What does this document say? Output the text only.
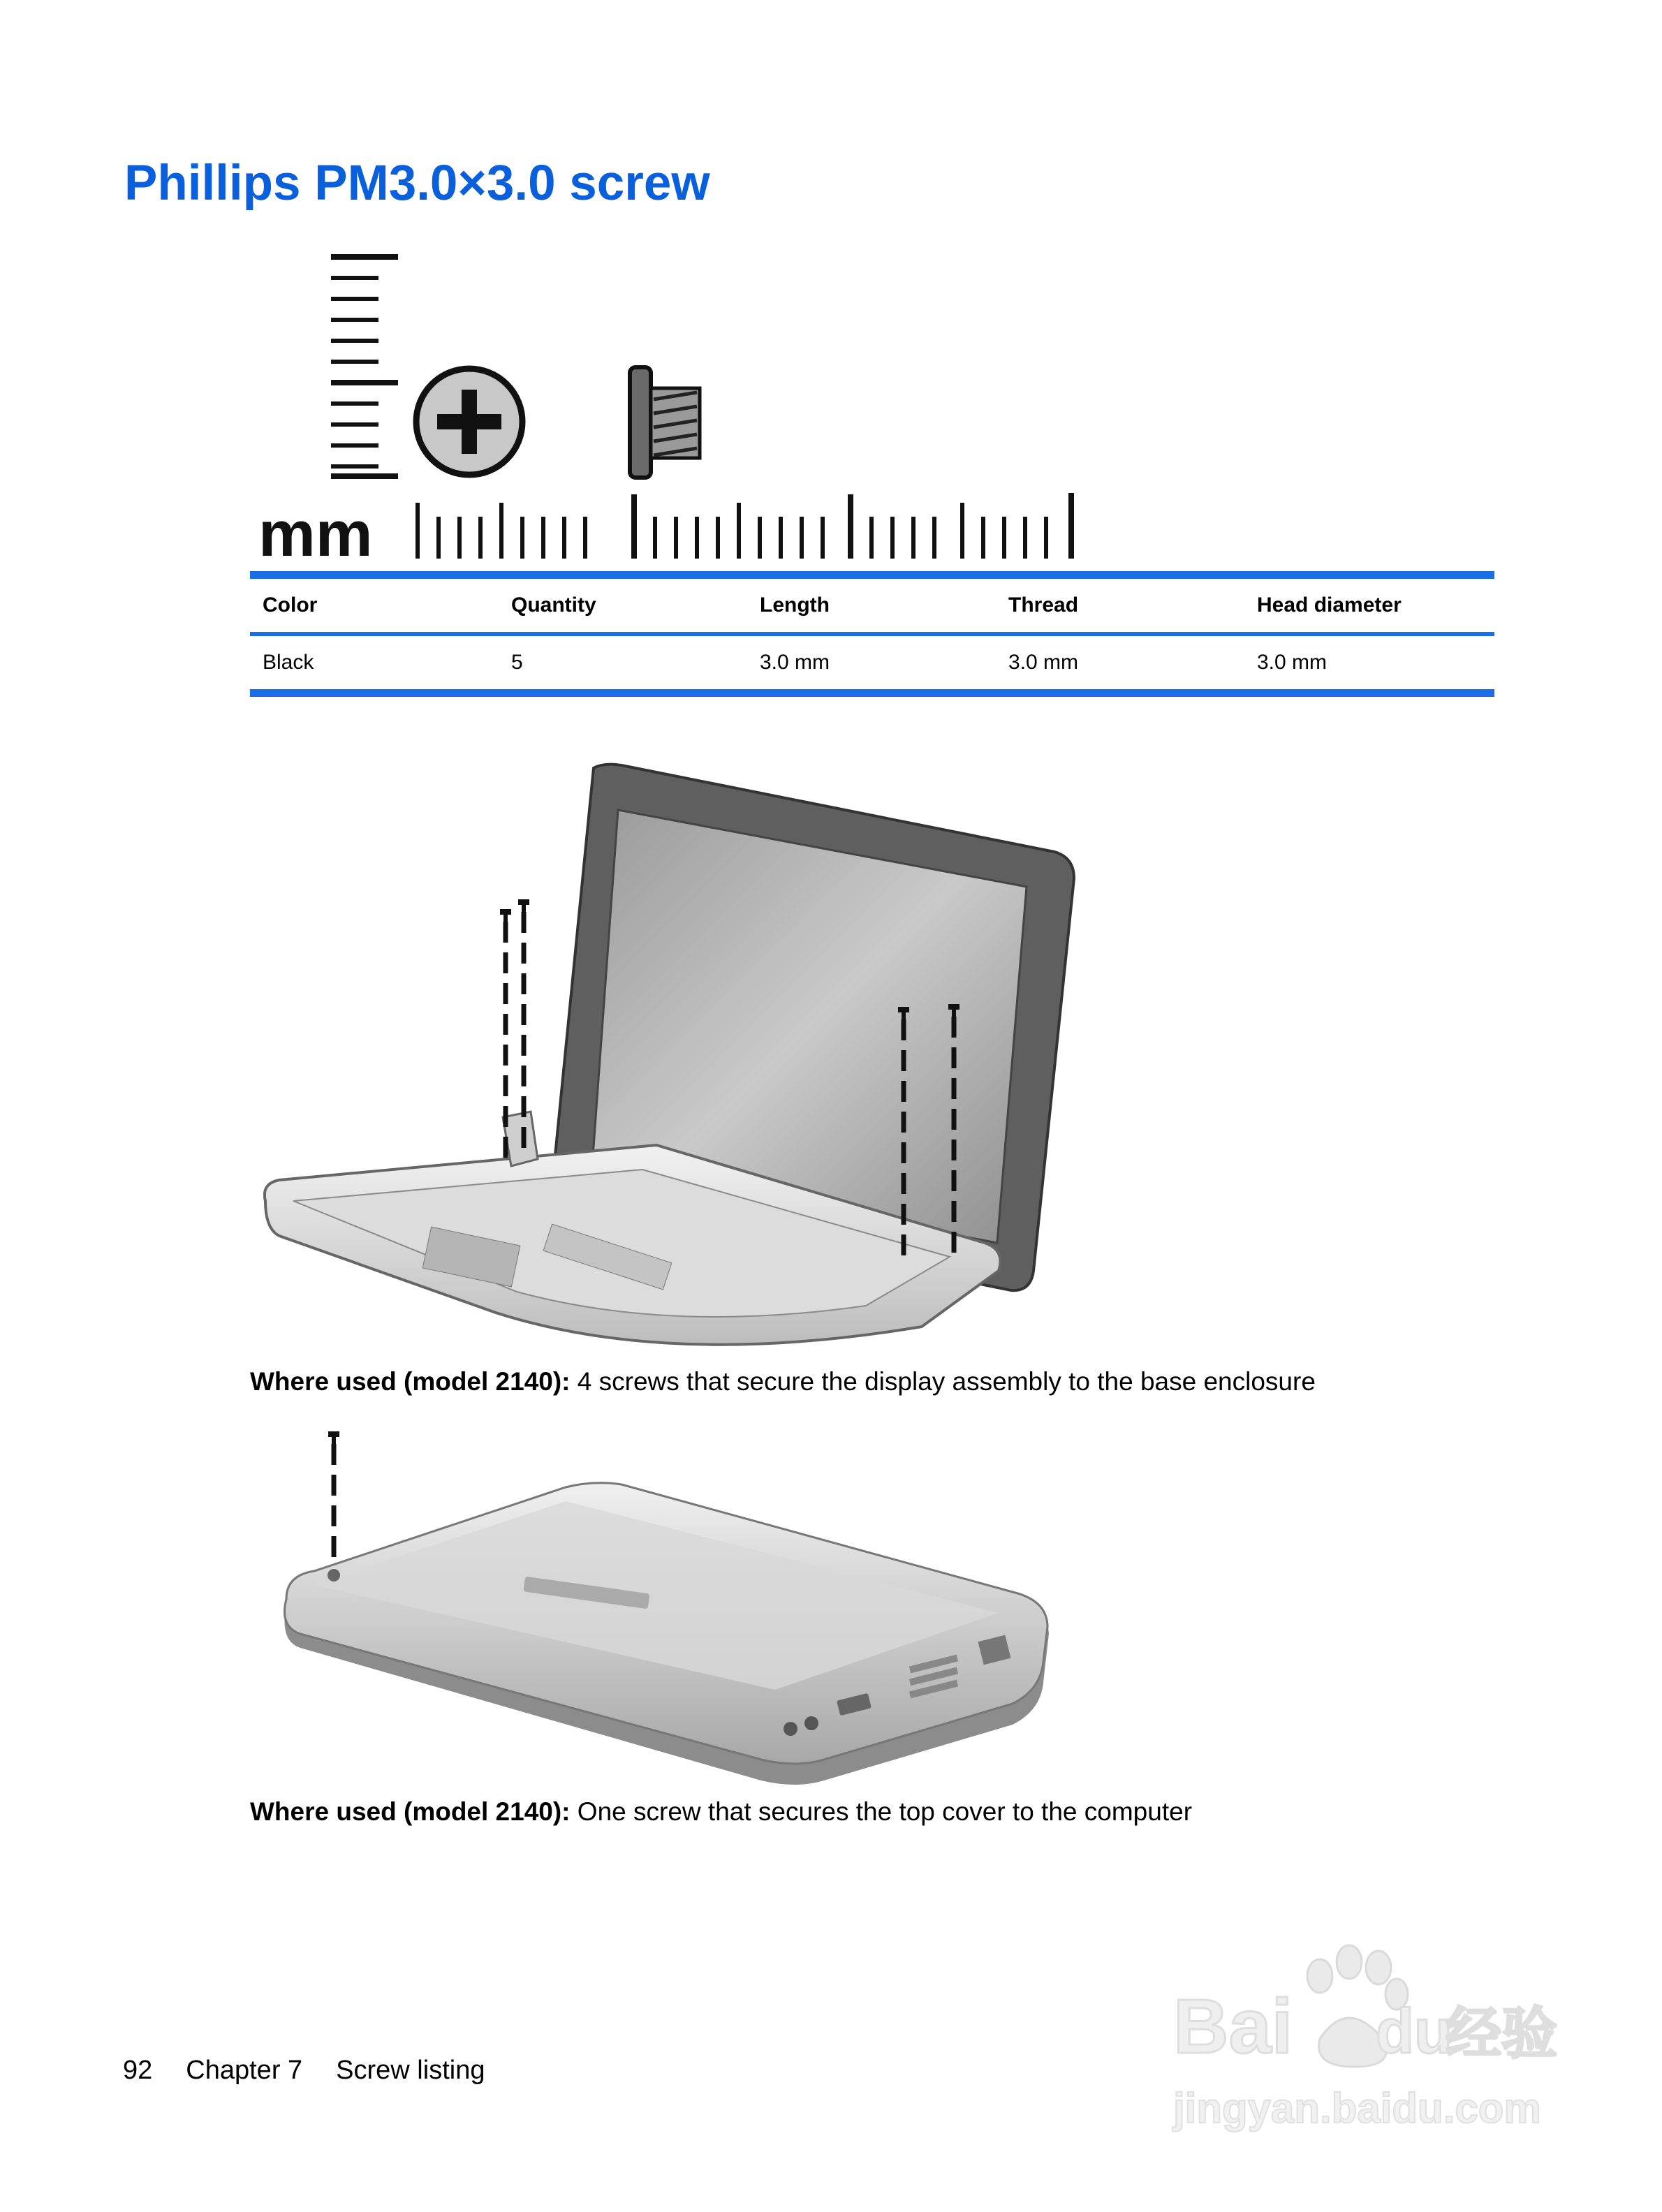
Phillips PM3.0×3.0 screw
mm
Color	Quantity	Length	Thread	Head diameter
Black	5	3.0 mm	3.0 mm	3.0 mm
Where used (model 2140): 4 screws that secure the display assembly to the base enclosure
Where used (model 2140): One screw that secures the top cover to the computer
92 Chapter 7 Screw listing
Bai du
经验
jingyan.baidu.com
